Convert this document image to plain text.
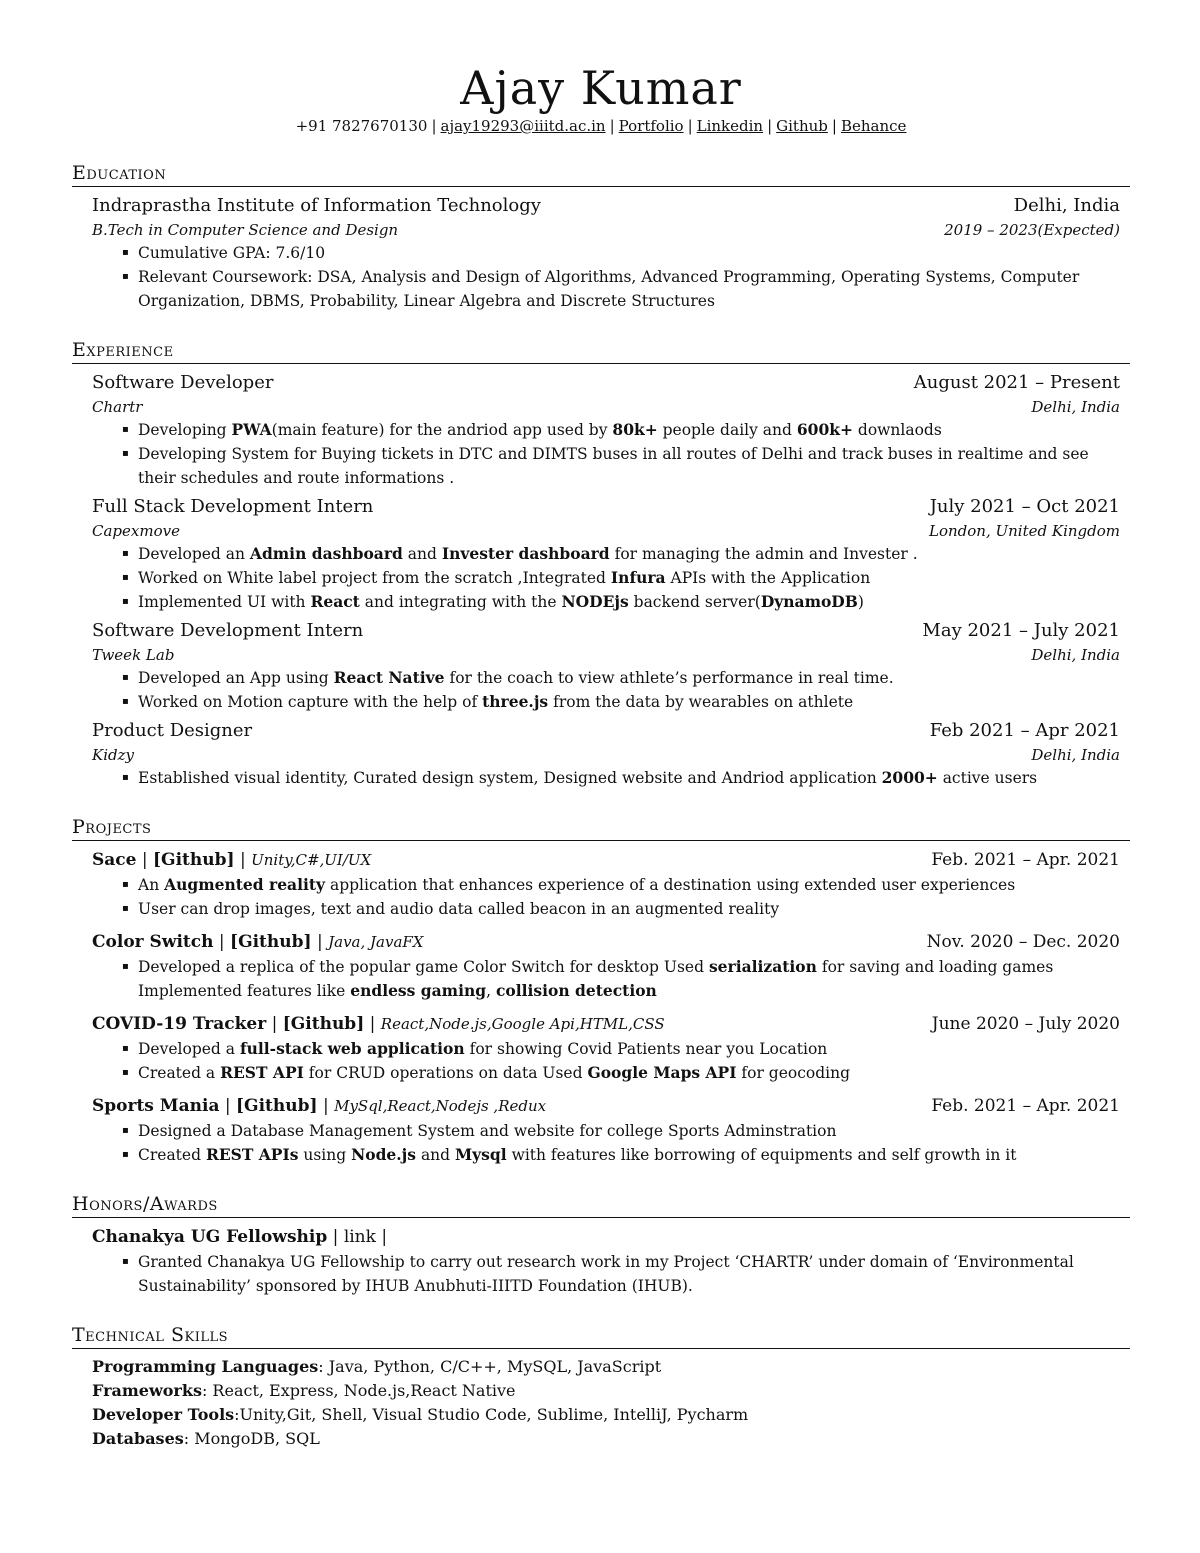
Ajay Kumar
+91 7827670130 | ajay19293@iiitd.ac.in | Portfolio | Linkedin | Github | Behance
Education
Indraprastha Institute of Information Technology	Delhi, India
B.Tech in Computer Science and Design	2019 – 2023(Expected)
▪ Cumulative GPA: 7.6/10
▪ Relevant Coursework: DSA, Analysis and Design of Algorithms, Advanced Programming, Operating Systems, Computer Organization, DBMS, Probability, Linear Algebra and Discrete Structures
Experience
Software Developer	August 2021 – Present
Chartr	Delhi, India
▪ Developing PWA(main feature) for the andriod app used by 80k+ people daily and 600k+ downlaods
▪ Developing System for Buying tickets in DTC and DIMTS buses in all routes of Delhi and track buses in realtime and see their schedules and route informations .
Full Stack Development Intern	July 2021 – Oct 2021
Capexmove	London, United Kingdom
▪ Developed an Admin dashboard and Invester dashboard for managing the admin and Invester .
▪ Worked on White label project from the scratch ,Integrated Infura APIs with the Application
▪ Implemented UI with React and integrating with the NODEjs backend server(DynamoDB)
Software Development Intern	May 2021 – July 2021
Tweek Lab	Delhi, India
▪ Developed an App using React Native for the coach to view athlete’s performance in real time.
▪ Worked on Motion capture with the help of three.js from the data by wearables on athlete
Product Designer	Feb 2021 – Apr 2021
Kidzy	Delhi, India
▪ Established visual identity, Curated design system, Designed website and Andriod application 2000+ active users
Projects
Sace | [Github] | Unity,C#,UI/UX	Feb. 2021 – Apr. 2021
▪ An Augmented reality application that enhances experience of a destination using extended user experiences
▪ User can drop images, text and audio data called beacon in an augmented reality
Color Switch | [Github] | Java, JavaFX	Nov. 2020 – Dec. 2020
▪ Developed a replica of the popular game Color Switch for desktop Used serialization for saving and loading games Implemented features like endless gaming, collision detection
COVID-19 Tracker | [Github] | React,Node.js,Google Api,HTML,CSS	June 2020 – July 2020
▪ Developed a full-stack web application for showing Covid Patients near you Location
▪ Created a REST API for CRUD operations on data Used Google Maps API for geocoding
Sports Mania | [Github] | MySql,React,Nodejs ,Redux	Feb. 2021 – Apr. 2021
▪ Designed a Database Management System and website for college Sports Adminstration
▪ Created REST APIs using Node.js and Mysql with features like borrowing of equipments and self growth in it
Honors/Awards
Chanakya UG Fellowship | link |
▪ Granted Chanakya UG Fellowship to carry out research work in my Project ‘CHARTR’ under domain of ‘Environmental Sustainability’ sponsored by IHUB Anubhuti-IIITD Foundation (IHUB).
Technical Skills
Programming Languages: Java, Python, C/C++, MySQL, JavaScript
Frameworks: React, Express, Node.js,React Native
Developer Tools:Unity,Git, Shell, Visual Studio Code, Sublime, IntelliJ, Pycharm
Databases: MongoDB, SQL
